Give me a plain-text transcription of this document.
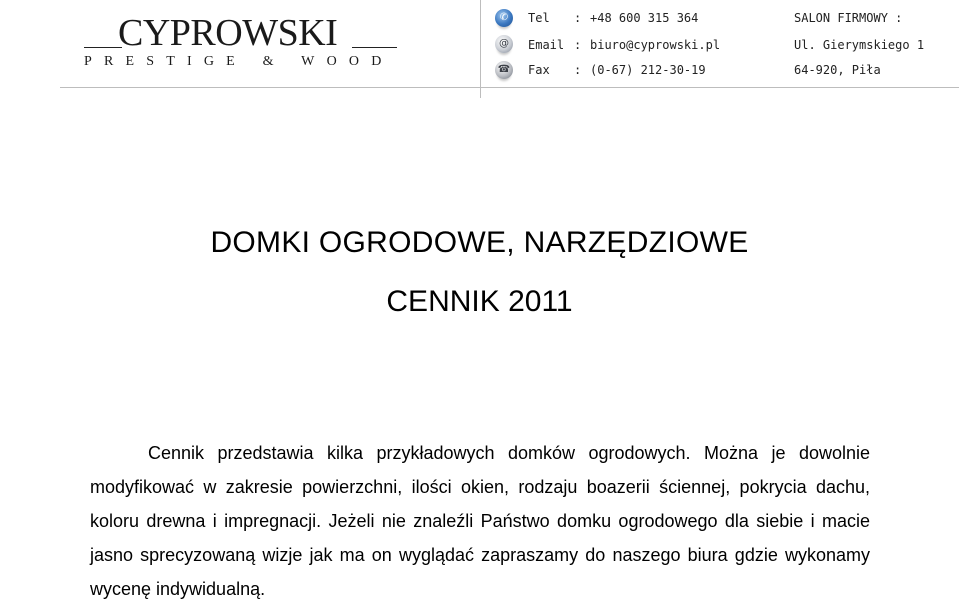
CYPROWSKI
PRESTIGE & WOOD
✆	Tel	: +48 600 315 364
@	Email : biuro@cyprowski.pl
☎ Fax	: (0-67) 212-30-19
SALON FIRMOWY :
Ul. Gierymskiego 1
64-920, Piła
DOMKI OGRODOWE, NARZĘDZIOWE
CENNIK 2011
Cennik przedstawia kilka przykładowych domków ogrodowych. Można je dowolnie modyfikować w zakresie powierzchni, ilości okien, rodzaju boazerii ściennej, pokrycia dachu, koloru drewna i impregnacji. Jeżeli nie znaleźli Państwo domku ogrodowego dla siebie i macie jasno sprecyzowaną wizje jak ma on wyglądać zapraszamy do naszego biura gdzie wykonamy wycenę indywidualną.
